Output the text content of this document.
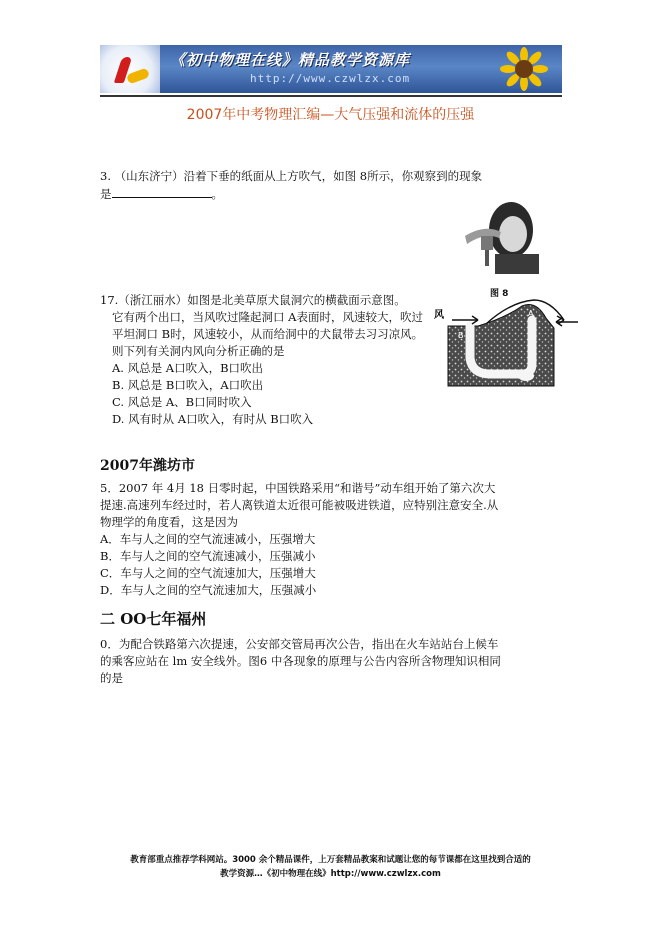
《初中物理在线》精品教学资源库
http://www.czwlzx.com
2007年中考物理汇编—大气压强和流体的压强
3. （山东济宁）沿着下垂的纸面从上方吹气，如图 8所示，你观察到的现象
是	。
图 8
17.（浙江丽水）如图是北美草原犬鼠洞穴的横截面示意图。
它有两个出口，当风吹过隆起洞口 A表面时，风速较大，吹过
平坦洞口 B时，风速较小，从而给洞中的犬鼠带去习习凉风。
则下列有关洞内风向分析正确的是
A. 风总是 A口吹入，B口吹出
B. 风总是 B口吹入，A口吹出
C. 风总是 A、B口同时吹入
D. 风有时从 A口吹入，有时从 B口吹入
风
B
A
2007年潍坊市
5．2007 年 4月 18 日零时起，中国铁路采用“和谐号”动车组开始了第六次大
提速.高速列车经过时，若人离铁道太近很可能被吸进铁道，应特别注意安全.从
物理学的角度看，这是因为
A．车与人之间的空气流速减小，压强增大
B．车与人之间的空气流速减小，压强减小
C．车与人之间的空气流速加大，压强增大
D．车与人之间的空气流速加大，压强减小
二 OO七年福州
0．为配合铁路第六次提速，公安部交管局再次公告，指出在火车站站台上候车
的乘客应站在 lm 安全线外。图6 中各现象的原理与公告内容所含物理知识相同
的是
教育部重点推荐学科网站。3000 余个精品课件，上万套精品教案和试题让您的每节课都在这里找到合适的
教学资源…《初中物理在线》http://www.czwlzx.com
